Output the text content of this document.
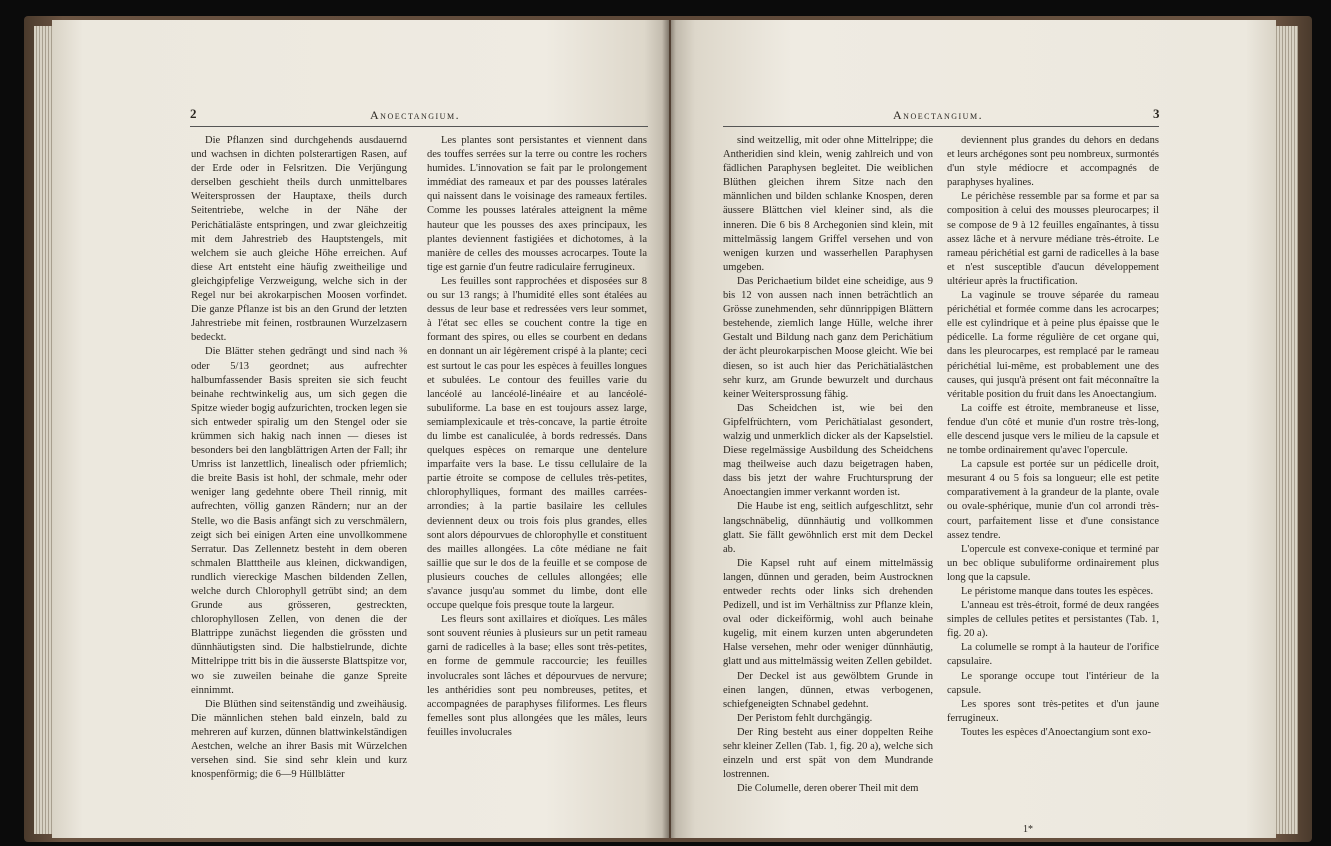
2	Anoectangium.

Die Pflanzen sind durchgehends ausdauernd und wachsen in dichten polsterartigen Rasen, auf der Erde oder in Felsritzen. Die Verjüngung derselben geschieht theils durch unmittelbares Weitersprossen der Hauptaxe, theils durch Seitentriebe, welche in der Nähe der Perichätialäste entspringen, und zwar gleichzeitig mit dem Jahrestrieb des Hauptstengels, mit welchem sie auch gleiche Höhe erreichen. Auf diese Art entsteht eine häufig zweitheilige und gleichgipfelige Verzweigung, welche sich in der Regel nur bei akrokarpischen Moosen vorfindet. Die ganze Pflanze ist bis an den Grund der letzten Jahrestriebe mit feinen, rostbraunen Wurzelzasern bedeckt.

Die Blätter stehen gedrängt und sind nach ⅜ oder 5/13 geordnet; aus aufrechter halbumfassender Basis spreiten sie sich feucht beinahe rechtwinkelig aus, um sich gegen die Spitze wieder bogig aufzurichten, trocken legen sie sich entweder spiralig um den Stengel oder sie krümmen sich hakig nach innen — dieses ist besonders bei den langblättrigen Arten der Fall; ihr Umriss ist lanzettlich, linealisch oder pfriemlich; die breite Basis ist hohl, der schmale, mehr oder weniger lang gedehnte obere Theil rinnig, mit aufrechten, völlig ganzen Rändern; nur an der Stelle, wo die Basis anfängt sich zu verschmälern, zeigt sich bei einigen Arten eine unvollkommene Serratur. Das Zellennetz besteht in dem oberen schmalen Blatttheile aus kleinen, dickwandigen, rundlich viereckige Maschen bildenden Zellen, welche durch Chlorophyll getrübt sind; an dem Grunde aus grösseren, gestreckten, chlorophyllosen Zellen, von denen die der Blattrippe zunächst liegenden die grössten und dünnhäutigsten sind. Die halbstielrunde, dichte Mittelrippe tritt bis in die äusserste Blattspitze vor, wo sie zuweilen beinahe die ganze Spreite einnimmt.

Die Blüthen sind seitenständig und zweihäusig. Die männlichen stehen bald einzeln, bald zu mehreren auf kurzen, dünnen blattwinkelständigen Aestchen, welche an ihrer Basis mit Würzelchen versehen sind. Sie sind sehr klein und kurz knospenförmig; die 6—9 Hüllblätter

Les plantes sont persistantes et viennent dans des touffes serrées sur la terre ou contre les rochers humides. L'innovation se fait par le prolongement immédiat des rameaux et par des pousses latérales qui naissent dans le voisinage des rameaux fertiles. Comme les pousses latérales atteignent la même hauteur que les pousses des axes principaux, les plantes deviennent fastigiées et dichotomes, à la manière de celles des mousses acrocarpes. Toute la tige est garnie d'un feutre radiculaire ferrugineux.

Les feuilles sont rapprochées et disposées sur 8 ou sur 13 rangs; à l'humidité elles sont étalées au dessus de leur base et redressées vers leur sommet, à l'état sec elles se couchent contre la tige en formant des spires, ou elles se courbent en dedans en donnant un air légèrement crispé à la plante; ceci est surtout le cas pour les espèces à feuilles longues et subulées. Le contour des feuilles varie du lancéolé au lancéolé-linéaire et au lancéolé-subuliforme. La base en est toujours assez large, semiamplexicaule et très-concave, la partie étroite du limbe est canaliculée, à bords redressés. Dans quelques espèces on remarque une dentelure imparfaite vers la base. Le tissu cellulaire de la partie étroite se compose de cellules très-petites, chlorophylliques, formant des mailles carrées-arrondies; à la partie basilaire les cellules deviennent deux ou trois fois plus grandes, elles sont alors dépourvues de chlorophylle et constituent des mailles allongées. La côte médiane ne fait saillie que sur le dos de la feuille et se compose de plusieurs couches de cellules allongées; elle s'avance jusqu'au sommet du limbe, dont elle occupe quelque fois presque toute la largeur.

Les fleurs sont axillaires et dioïques. Les mâles sont souvent réunies à plusieurs sur un petit rameau garni de radicelles à la base; elles sont très-petites, en forme de gemmule raccourcie; les feuilles involucrales sont lâches et dépourvues de nervure; les anthéridies sont peu nombreuses, petites, et accompagnées de paraphyses filiformes. Les fleurs femelles sont plus allongées que les mâles, leurs feuilles involucrales

Anoectangium.	3

sind weitzellig, mit oder ohne Mittelrippe; die Antheridien sind klein, wenig zahlreich und von fädlichen Paraphysen begleitet. Die weiblichen Blüthen gleichen ihrem Sitze nach den männlichen und bilden schlanke Knospen, deren äussere Blättchen viel kleiner sind, als die inneren. Die 6 bis 8 Archegonien sind klein, mit mittelmässig langem Griffel versehen und von wenigen kurzen und wasserhellen Paraphysen umgeben.

Das Perichaetium bildet eine scheidige, aus 9 bis 12 von aussen nach innen beträchtlich an Grösse zunehmenden, sehr dünnrippigen Blättern bestehende, ziemlich lange Hülle, welche ihrer Gestalt und Bildung nach ganz dem Perichätium der ächt pleurokarpischen Moose gleicht. Wie bei diesen, so ist auch hier das Perichätialästchen sehr kurz, am Grunde bewurzelt und durchaus keiner Weitersprossung fähig.

Das Scheidchen ist, wie bei den Gipfelfrüchtern, vom Perichätialast gesondert, walzig und unmerklich dicker als der Kapselstiel. Diese regelmässige Ausbildung des Scheidchens mag theilweise auch dazu beigetragen haben, dass bis jetzt der wahre Fruchtursprung der Anoectangien immer verkannt worden ist.

Die Haube ist eng, seitlich aufgeschlitzt, sehr langschnäbelig, dünnhäutig und vollkommen glatt. Sie fällt gewöhnlich erst mit dem Deckel ab.

Die Kapsel ruht auf einem mittelmässig langen, dünnen und geraden, beim Austrocknen entweder rechts oder links sich drehenden Pedizell, und ist im Verhältniss zur Pflanze klein, oval oder dickeiförmig, wohl auch beinahe kugelig, mit einem kurzen unten abgerundeten Halse versehen, mehr oder weniger dünnhäutig, glatt und aus mittelmässig weiten Zellen gebildet.

Der Deckel ist aus gewölbtem Grunde in einen langen, dünnen, etwas verbogenen, schiefgeneigten Schnabel gedehnt.

Der Peristom fehlt durchgängig.

Der Ring besteht aus einer doppelten Reihe sehr kleiner Zellen (Tab. 1, fig. 20 a), welche sich einzeln und erst spät von dem Mundrande lostrennen.

Die Columelle, deren oberer Theil mit dem

deviennent plus grandes du dehors en dedans et leurs archégones sont peu nombreux, surmontés d'un style médiocre et accompagnés de paraphyses hyalines.

Le périchèse ressemble par sa forme et par sa composition à celui des mousses pleurocarpes; il se compose de 9 à 12 feuilles engaînantes, à tissu assez lâche et à nervure médiane très-étroite. Le rameau périchétial est garni de radicelles à la base et n'est susceptible d'aucun développement ultérieur après la fructification.

La vaginule se trouve séparée du rameau périchétial et formée comme dans les acrocarpes; elle est cylindrique et à peine plus épaisse que le pédicelle. La forme régulière de cet organe qui, dans les pleurocarpes, est remplacé par le rameau périchétial lui-même, est probablement une des causes, qui jusqu'à présent ont fait méconnaître la véritable position du fruit dans les Anoectangium.

La coiffe est étroite, membraneuse et lisse, fendue d'un côté et munie d'un rostre très-long, elle descend jusque vers le milieu de la capsule et ne tombe ordinairement qu'avec l'opercule.

La capsule est portée sur un pédicelle droit, mesurant 4 ou 5 fois sa longueur; elle est petite comparativement à la grandeur de la plante, ovale ou ovale-sphérique, munie d'un col arrondi très-court, parfaitement lisse et d'une consistance assez tendre.

L'opercule est convexe-conique et terminé par un bec oblique subuliforme ordinairement plus long que la capsule.

Le péristome manque dans toutes les espèces.

L'anneau est très-étroit, formé de deux rangées simples de cellules petites et persistantes (Tab. 1, fig. 20 a).

La columelle se rompt à la hauteur de l'orifice capsulaire.

Le sporange occupe tout l'intérieur de la capsule.

Les spores sont très-petites et d'un jaune ferrugineux.

Toutes les espèces d'Anoectangium sont exo-

1*
